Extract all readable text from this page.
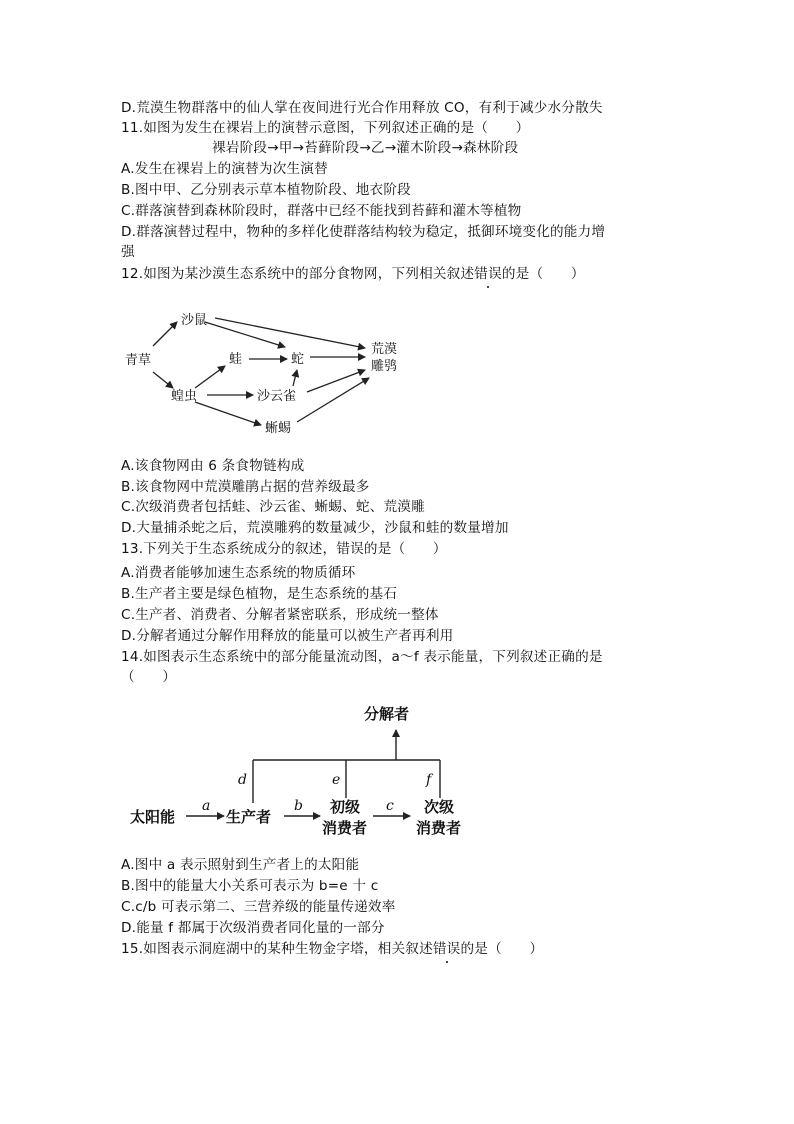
D.荒漠生物群落中的仙人掌在夜间进行光合作用释放 CO，有利于减少水分散失
11.如图为发生在裸岩上的演替示意图，下列叙述正确的是（　　）
裸岩阶段→甲→苔藓阶段→乙→灌木阶段→森林阶段
A.发生在裸岩上的演替为次生演替
B.图中甲、乙分别表示草本植物阶段、地衣阶段
C.群落演替到森林阶段时，群落中已经不能找到苔藓和灌木等植物
D.群落演替过程中，物种的多样化使群落结构较为稳定，抵御环境变化的能力增
强
12.如图为某沙漠生态系统中的部分食物网，下列相关叙述错误的是（　　）
青草
沙鼠
蛙	蛇
荒漠
雕鸮
蝗虫	沙云雀
蜥蜴
A.该食物网由 6 条食物链构成
B.该食物网中荒漠雕鹃占据的营养级最多
C.次级消费者包括蛙、沙云雀、蜥蜴、蛇、荒漠雕
D.大量捕杀蛇之后，荒漠雕鸦的数量减少，沙鼠和蛙的数量增加
13.下列关于生态系统成分的叙述，错误的是（　　）
A.消费者能够加速生态系统的物质循环
B.生产者主要是绿色植物，是生态系统的基石
C.生产者、消费者、分解者紧密联系，形成统一整体
D.分解者通过分解作用释放的能量可以被生产者再利用
14.如图表示生态系统中的部分能量流动图，a～f 表示能量，下列叙述正确的是
（　　）
分解者
太阳能	生产者
初级
消费者
次级
消费者
a	b	c
d	e	f
A.图中 a 表示照射到生产者上的太阳能
B.图中的能量大小关系可表示为 b=e 十 c
C.c/b 可表示第二、三营养级的能量传递效率
D.能量 f 都属于次级消费者同化量的一部分
15.如图表示洞庭湖中的某种生物金字塔，相关叙述错误的是（　　）
